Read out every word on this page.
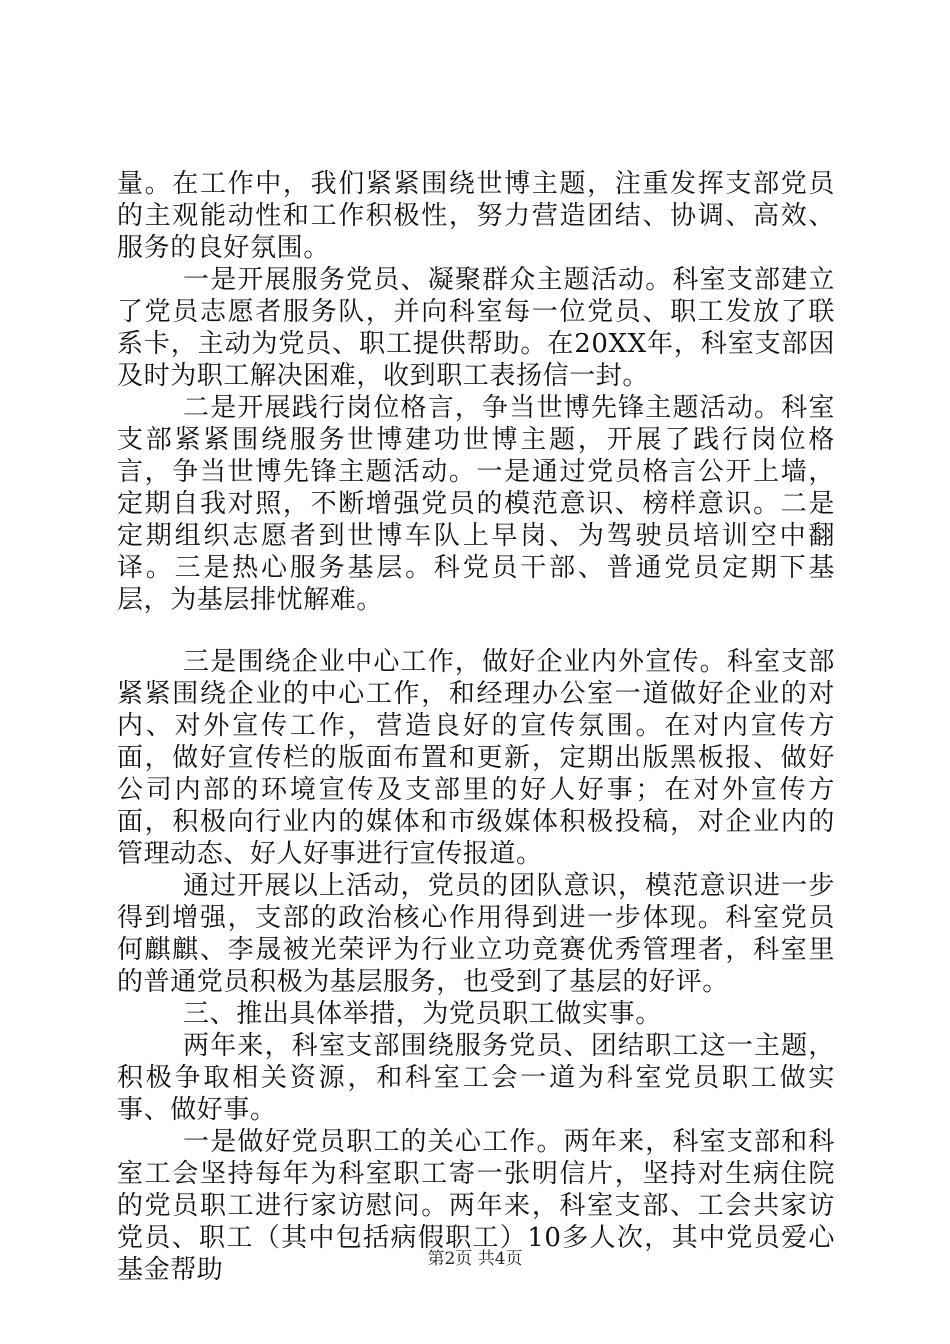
量。在工作中，我们紧紧围绕世博主题，注重发挥支部党员的主观能动性和工作积极性，努力营造团结、协调、高效、服务的良好氛围。

一是开展服务党员、凝聚群众主题活动。科室支部建立了党员志愿者服务队，并向科室每一位党员、职工发放了联系卡，主动为党员、职工提供帮助。在20XX年，科室支部因及时为职工解决困难，收到职工表扬信一封。

二是开展践行岗位格言，争当世博先锋主题活动。科室支部紧紧围绕服务世博建功世博主题，开展了践行岗位格言，争当世博先锋主题活动。一是通过党员格言公开上墙，定期自我对照，不断增强党员的模范意识、榜样意识。二是定期组织志愿者到世博车队上早岗、为驾驶员培训空中翻译。三是热心服务基层。科党员干部、普通党员定期下基层，为基层排忧解难。

三是围绕企业中心工作，做好企业内外宣传。科室支部紧紧围绕企业的中心工作，和经理办公室一道做好企业的对内、对外宣传工作，营造良好的宣传氛围。在对内宣传方面，做好宣传栏的版面布置和更新，定期出版黑板报、做好公司内部的环境宣传及支部里的好人好事；在对外宣传方面，积极向行业内的媒体和市级媒体积极投稿，对企业内的管理动态、好人好事进行宣传报道。

通过开展以上活动，党员的团队意识，模范意识进一步得到增强，支部的政治核心作用得到进一步体现。科室党员何麒麒、李晟被光荣评为行业立功竞赛优秀管理者，科室里的普通党员积极为基层服务，也受到了基层的好评。

三、推出具体举措，为党员职工做实事。

两年来，科室支部围绕服务党员、团结职工这一主题，积极争取相关资源，和科室工会一道为科室党员职工做实事、做好事。

一是做好党员职工的关心工作。两年来，科室支部和科室工会坚持每年为科室职工寄一张明信片，坚持对生病住院的党员职工进行家访慰问。两年来，科室支部、工会共家访党员、职工（其中包括病假职工）10多人次，其中党员爱心基金帮助	第2页 共4页
